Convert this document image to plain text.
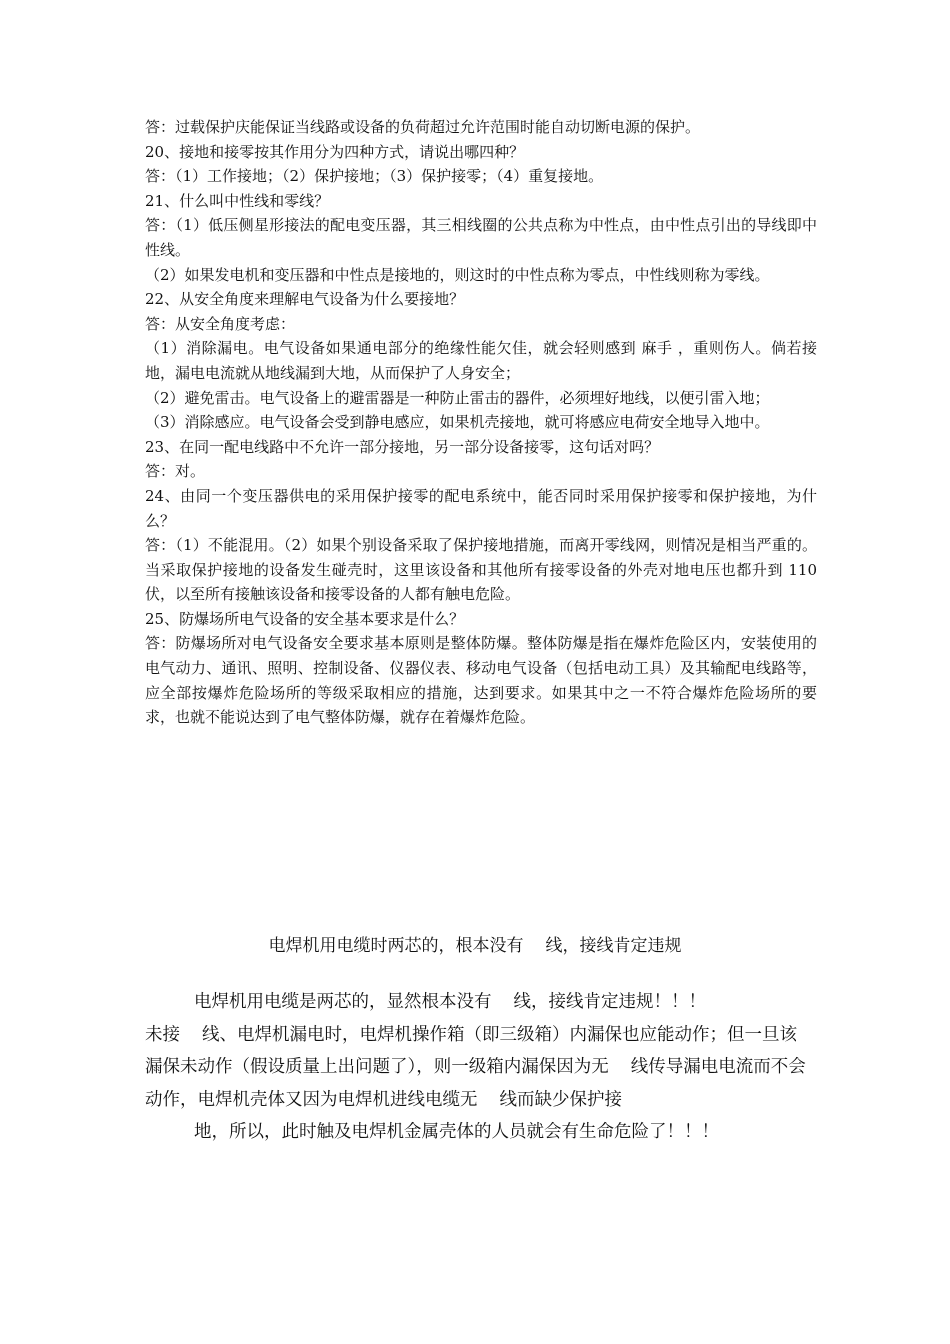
答：过载保护庆能保证当线路或设备的负荷超过允许范围时能自动切断电源的保护。

20、接地和接零按其作用分为四种方式，请说出哪四种？

答：（1）工作接地；（2）保护接地；（3）保护接零；（4）重复接地。

21、什么叫中性线和零线？

答：（1）低压侧星形接法的配电变压器，其三相线圈的公共点称为中性点，由中性点引出的导线即中性线。

（2）如果发电机和变压器和中性点是接地的，则这时的中性点称为零点，中性线则称为零线。

22、从安全角度来理解电气设备为什么要接地？

答：从安全角度考虑：

（1）消除漏电。电气设备如果通电部分的绝缘性能欠佳，就会轻则感到 麻手 ，重则伤人。倘若接地，漏电电流就从地线漏到大地，从而保护了人身安全；

（2）避免雷击。电气设备上的避雷器是一种防止雷击的器件，必须埋好地线，以便引雷入地；

（3）消除感应。电气设备会受到静电感应，如果机壳接地，就可将感应电荷安全地导入地中。

23、在同一配电线路中不允许一部分接地，另一部分设备接零，这句话对吗？

答：对。

24、由同一个变压器供电的采用保护接零的配电系统中，能否同时采用保护接零和保护接地，为什么？

答：（1）不能混用。（2）如果个别设备采取了保护接地措施，而离开零线网，则情况是相当严重的。当采取保护接地的设备发生碰壳时，这里该设备和其他所有接零设备的外壳对地电压也都升到 110 伏，以至所有接触该设备和接零设备的人都有触电危险。

25、防爆场所电气设备的安全基本要求是什么？

答：防爆场所对电气设备安全要求基本原则是整体防爆。整体防爆是指在爆炸危险区内，安装使用的电气动力、通讯、照明、控制设备、仪器仪表、移动电气设备（包括电动工具）及其输配电线路等，应全部按爆炸危险场所的等级采取相应的措施，达到要求。如果其中之一不符合爆炸危险场所的要求，也就不能说达到了电气整体防爆，就存在着爆炸危险。

电焊机用电缆时两芯的，根本没有 线，接线肯定违规

电焊机用电缆是两芯的，显然根本没有 线，接线肯定违规！！！

未接 线、电焊机漏电时，电焊机操作箱（即三级箱）内漏保也应能动作；但一旦该漏保未动作（假设质量上出问题了），则一级箱内漏保因为无 线传导漏电电流而不会动作，电焊机壳体又因为电焊机进线电缆无 线而缺少保护接

地，所以，此时触及电焊机金属壳体的人员就会有生命危险了！！！
